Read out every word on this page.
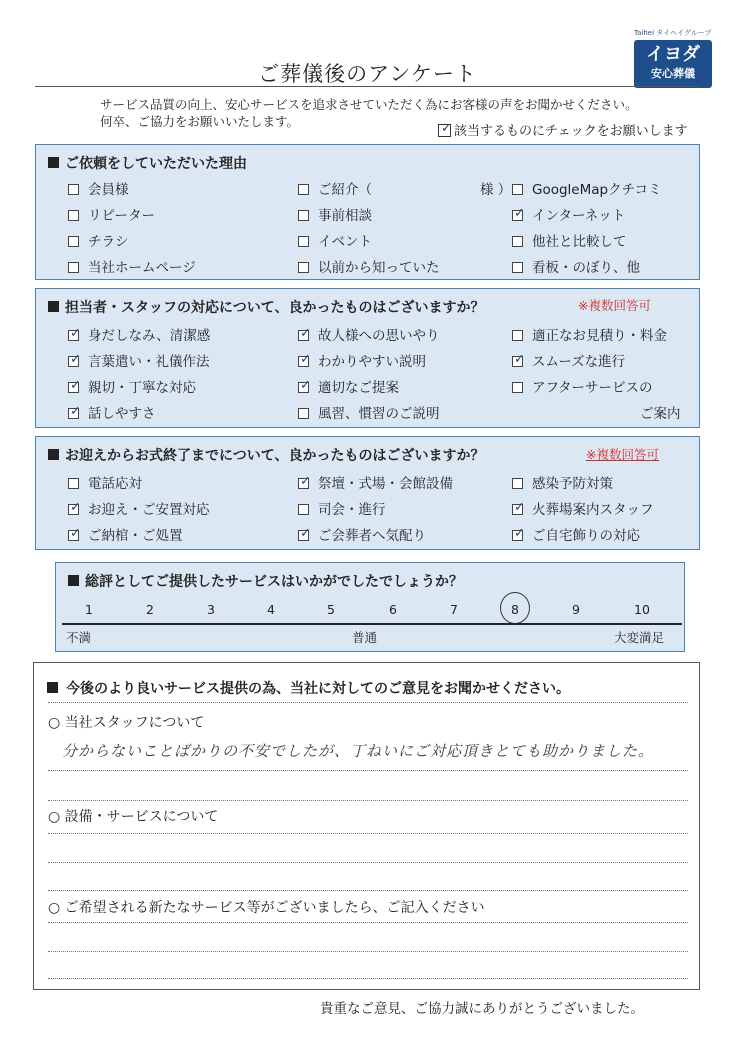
Taihei タイヘイグループ
イヨダ
安心葬儀
ご葬儀後のアンケート
サービス品質の向上、安心サービスを追求させていただく為にお客様の声をお聞かせください。
何卒、ご協力をお願いいたします。	✓ 該当するものにチェックをお願いします
ご依頼をしていただいた理由
会員様	ご紹介（　　　　　　　　様 ）	GoogleMapクチコミ
リピーター	事前相談 ✓	インターネット
チラシ	イベント	他社と比較して
当社ホームページ	以前から知っていた	看板・のぼり、他
担当者・スタッフの対応について、良かったものはございますか？	※複数回答可
✓身だしなみ、清潔感 ✓	故人様への思いやり	適正なお見積り・料金
✓言葉遣い・礼儀作法 ✓	わかりやすい説明 ✓	スムーズな進行
✓親切・丁寧な対応 ✓	適切なご提案	アフターサービスの
✓話しやすさ	風習、慣習のご説明	ご案内
お迎えからお式終了までについて、良かったものはございますか？	※複数回答可
電話応対 ✓	祭壇・式場・会館設備	感染予防対策
✓お迎え・ご安置対応	司会・進行 ✓	火葬場案内スタッフ
✓ご納棺・ご処置 ✓	ご会葬者へ気配り ✓	ご自宅飾りの対応
総評としてご提供したサービスはいかがでしたでしょうか？
1	2	3	4	5	6	7	8	9	10
不満	普通	大変満足
今後のより良いサービス提供の為、当社に対してのご意見をお聞かせください。
○ 当社スタッフについて
分からないことばかりの不安でしたが、丁ねいにご対応頂きとても助かりました。
○ 設備・サービスについて
○ ご希望される新たなサービス等がございましたら、ご記入ください
貴重なご意見、ご協力誠にありがとうございました。
